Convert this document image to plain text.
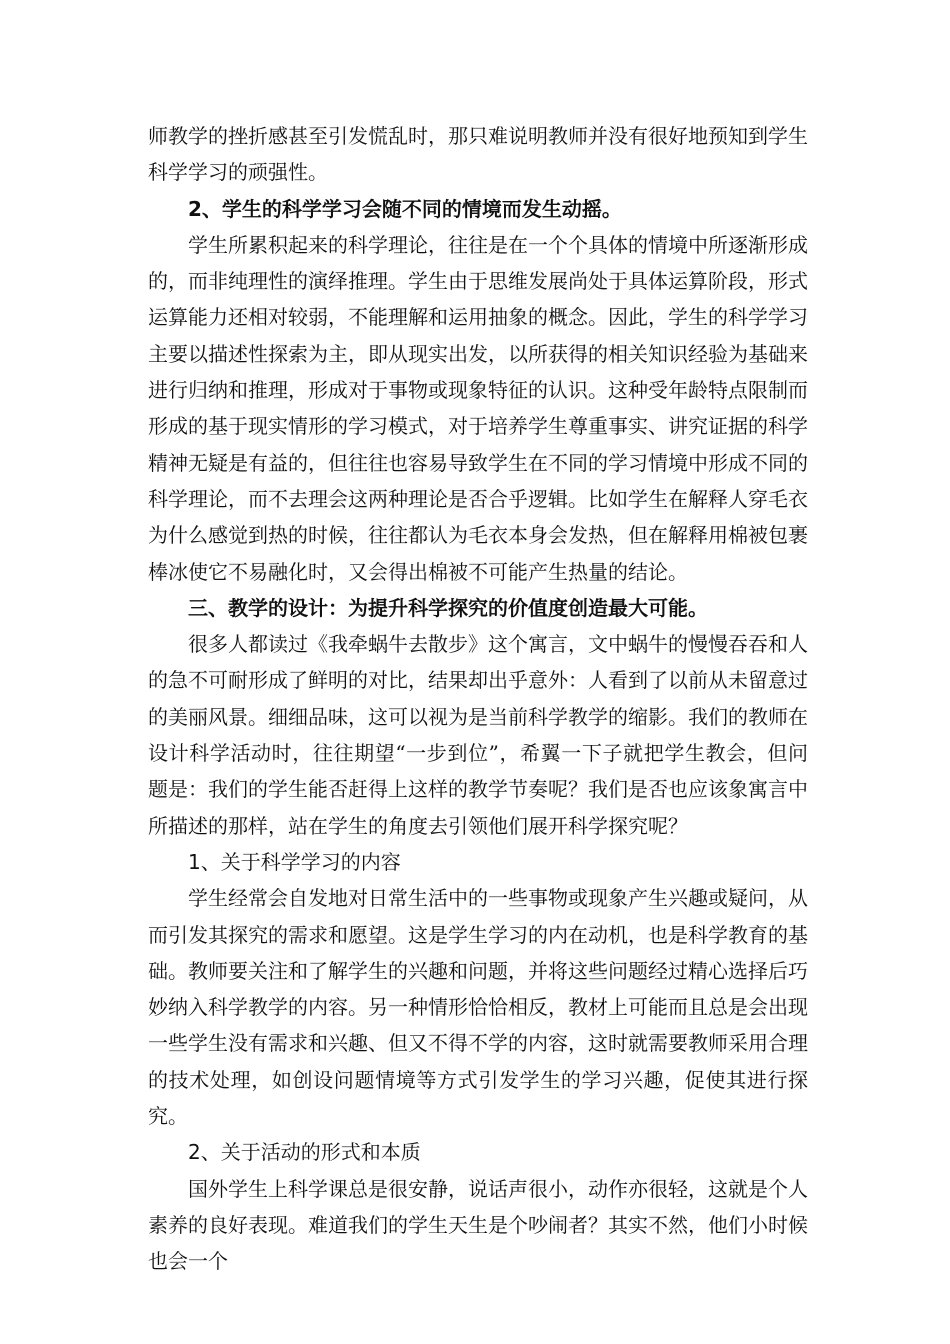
师教学的挫折感甚至引发慌乱时，那只难说明教师并没有很好地预知到学生科学学习的顽强性。

2、学生的科学学习会随不同的情境而发生动摇。

学生所累积起来的科学理论，往往是在一个个具体的情境中所逐渐形成的，而非纯理性的演绎推理。学生由于思维发展尚处于具体运算阶段，形式运算能力还相对较弱，不能理解和运用抽象的概念。因此，学生的科学学习主要以描述性探索为主，即从现实出发，以所获得的相关知识经验为基础来进行归纳和推理，形成对于事物或现象特征的认识。这种受年龄特点限制而形成的基于现实情形的学习模式，对于培养学生尊重事实、讲究证据的科学精神无疑是有益的，但往往也容易导致学生在不同的学习情境中形成不同的科学理论，而不去理会这两种理论是否合乎逻辑。比如学生在解释人穿毛衣为什么感觉到热的时候，往往都认为毛衣本身会发热，但在解释用棉被包裹棒冰使它不易融化时，又会得出棉被不可能产生热量的结论。

三、教学的设计：为提升科学探究的价值度创造最大可能。

很多人都读过《我牵蜗牛去散步》这个寓言，文中蜗牛的慢慢吞吞和人的急不可耐形成了鲜明的对比，结果却出乎意外：人看到了以前从未留意过的美丽风景。细细品味，这可以视为是当前科学教学的缩影。我们的教师在设计科学活动时，往往期望“一步到位”，希翼一下子就把学生教会，但问题是：我们的学生能否赶得上这样的教学节奏呢？我们是否也应该象寓言中所描述的那样，站在学生的角度去引领他们展开科学探究呢？

1、关于科学学习的内容

学生经常会自发地对日常生活中的一些事物或现象产生兴趣或疑问，从而引发其探究的需求和愿望。这是学生学习的内在动机，也是科学教育的基础。教师要关注和了解学生的兴趣和问题，并将这些问题经过精心选择后巧妙纳入科学教学的内容。另一种情形恰恰相反，教材上可能而且总是会出现一些学生没有需求和兴趣、但又不得不学的内容，这时就需要教师采用合理的技术处理，如创设问题情境等方式引发学生的学习兴趣，促使其进行探究。

2、关于活动的形式和本质

国外学生上科学课总是很安静，说话声很小，动作亦很轻，这就是个人素养的良好表现。难道我们的学生天生是个吵闹者？其实不然，他们小时候也会一个
